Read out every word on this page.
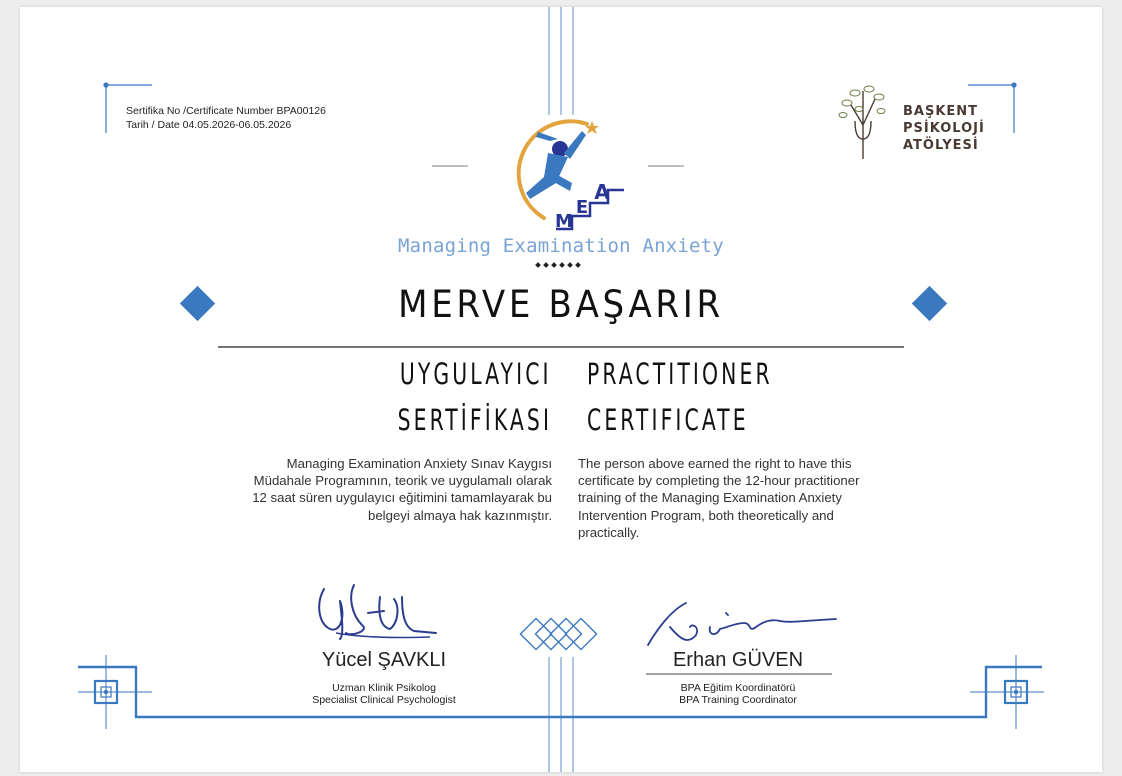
Sertifika No /Certificate Number BPA00126
Tarih / Date 04.05.2026-06.05.2026
M
E
A
BAŞKENT
PSİKOLOJİ
ATÖLYESİ
Managing Examination Anxiety
MERVE BAŞARIR
UYGULAYICI
SERTİFİKASI
PRACTITIONER
CERTIFICATE
Managing Examination Anxiety Sınav Kaygısı Müdahale Programının, teorik ve uygulamalı olarak 12 saat süren uygulayıcı eğitimini tamamlayarak bu belgeyi almaya hak kazınmıştır.
The person above earned the right to have this certificate by completing the 12-hour practitioner training of the Managing Examination Anxiety Intervention Program, both theoretically and practically.
Yücel ŞAVKLI
Uzman Klinik Psikolog
Specialist Clinical Psychologist
Erhan GÜVEN
BPA Eğitim Koordinatörü
BPA Training Coordinator
